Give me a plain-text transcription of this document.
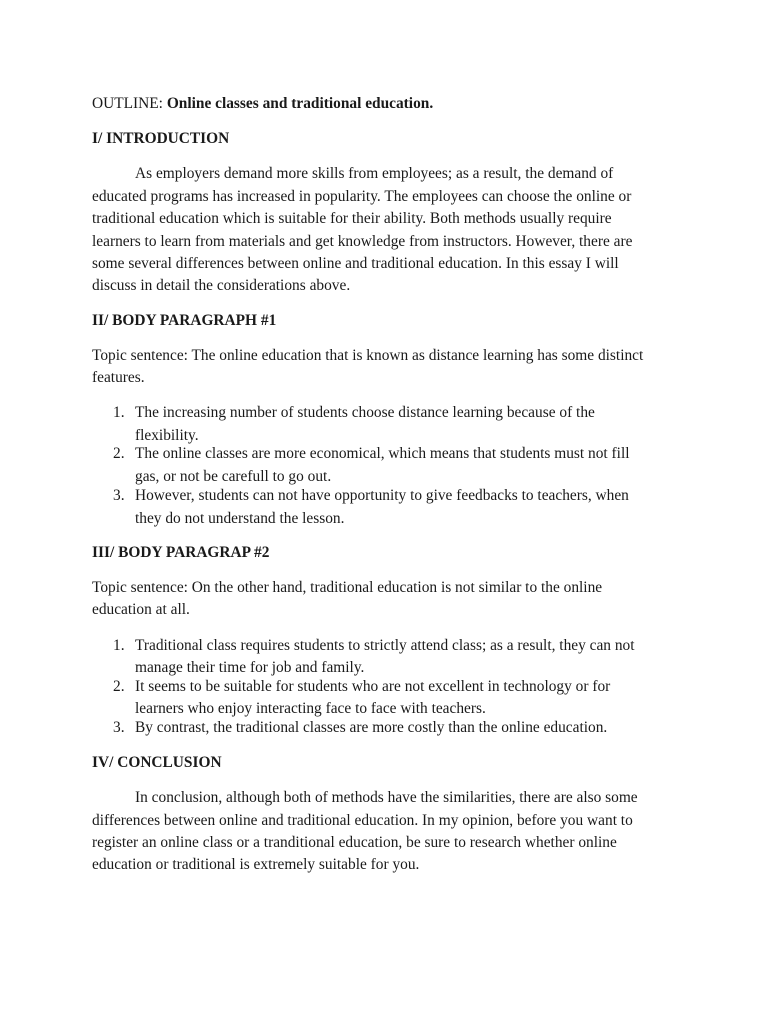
OUTLINE: Online classes and traditional education.
I/ INTRODUCTION
As employers demand more skills from employees; as a result, the demand of
educated programs has increased in popularity. The employees can choose the online or
traditional education which is suitable for their ability. Both methods usually require
learners to learn from materials and get knowledge from instructors. However, there are
some several differences between online and traditional education. In this essay I will
discuss in detail the considerations above.
II/ BODY PARAGRAPH #1
Topic sentence: The online education that is known as distance learning has some distinct
features.
1. The increasing number of students choose distance learning because of the
flexibility.
2. The online classes are more economical, which means that students must not fill
gas, or not be carefull to go out.
3. However, students can not have opportunity to give feedbacks to teachers, when
they do not understand the lesson.
III/ BODY PARAGRAP #2
Topic sentence: On the other hand, traditional education is not similar to the online
education at all.
1. Traditional class requires students to strictly attend class; as a result, they can not
manage their time for job and family.
2. It seems to be suitable for students who are not excellent in technology or for
learners who enjoy interacting face to face with teachers.
3. By contrast, the traditional classes are more costly than the online education.
IV/ CONCLUSION
In conclusion, although both of methods have the similarities, there are also some
differences between online and traditional education. In my opinion, before you want to
register an online class or a tranditional education, be sure to research whether online
education or traditional is extremely suitable for you.
